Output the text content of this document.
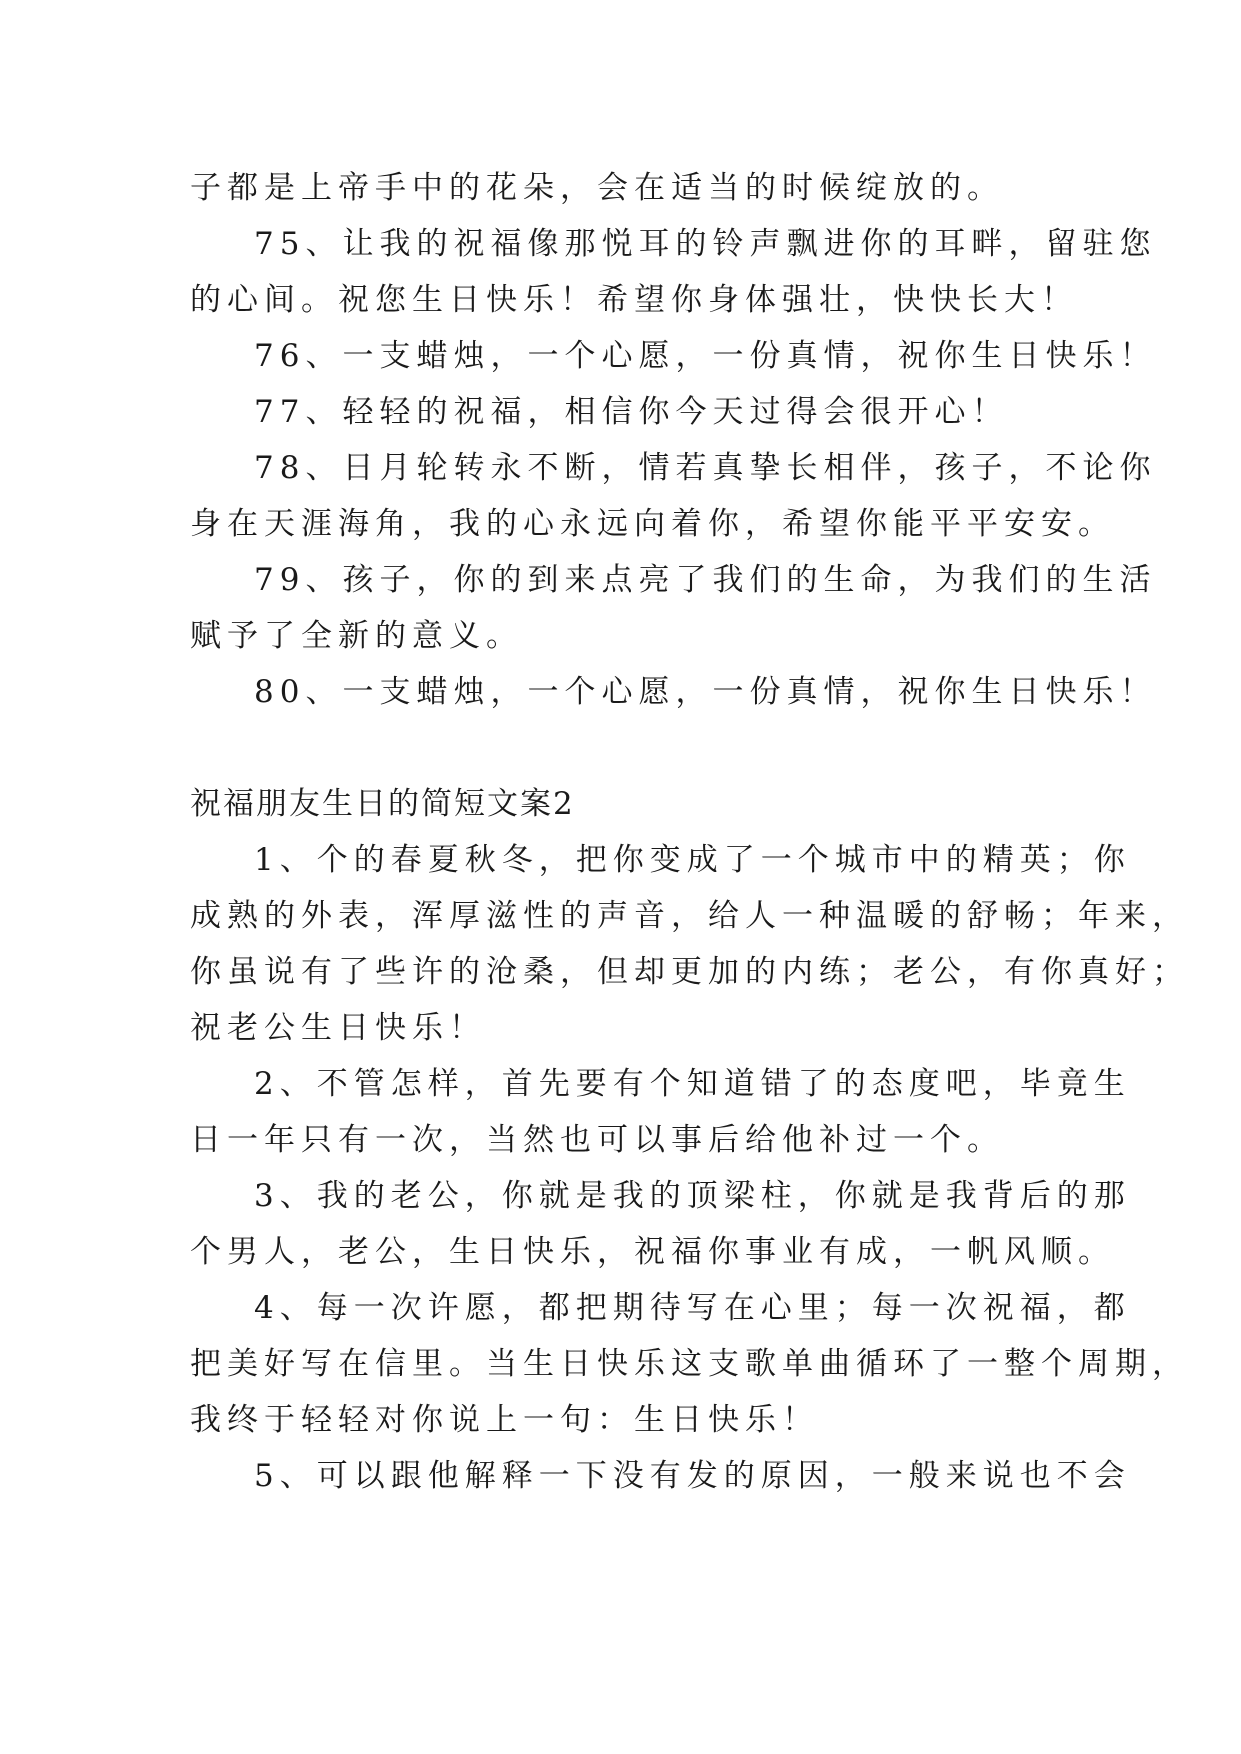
子都是上帝手中的花朵，会在适当的时候绽放的。
75、让我的祝福像那悦耳的铃声飘进你的耳畔，留驻您
的心间。祝您生日快乐！希望你身体强壮，快快长大！
76、一支蜡烛，一个心愿，一份真情，祝你生日快乐！
77、轻轻的祝福，相信你今天过得会很开心！
78、日月轮转永不断，情若真挚长相伴，孩子，不论你
身在天涯海角，我的心永远向着你，希望你能平平安安。
79、孩子，你的到来点亮了我们的生命，为我们的生活
赋予了全新的意义。
80、一支蜡烛，一个心愿，一份真情，祝你生日快乐！
祝福朋友生日的简短文案2
1、个的春夏秋冬，把你变成了一个城市中的精英；你
成熟的外表，浑厚滋性的声音，给人一种温暖的舒畅；年来，
你虽说有了些许的沧桑，但却更加的内练；老公，有你真好；
祝老公生日快乐！
2、不管怎样，首先要有个知道错了的态度吧，毕竟生
日一年只有一次，当然也可以事后给他补过一个。
3、我的老公，你就是我的顶梁柱，你就是我背后的那
个男人，老公，生日快乐，祝福你事业有成，一帆风顺。
4、每一次许愿，都把期待写在心里；每一次祝福，都
把美好写在信里。当生日快乐这支歌单曲循环了一整个周期，
我终于轻轻对你说上一句：生日快乐！
5、可以跟他解释一下没有发的原因，一般来说也不会
